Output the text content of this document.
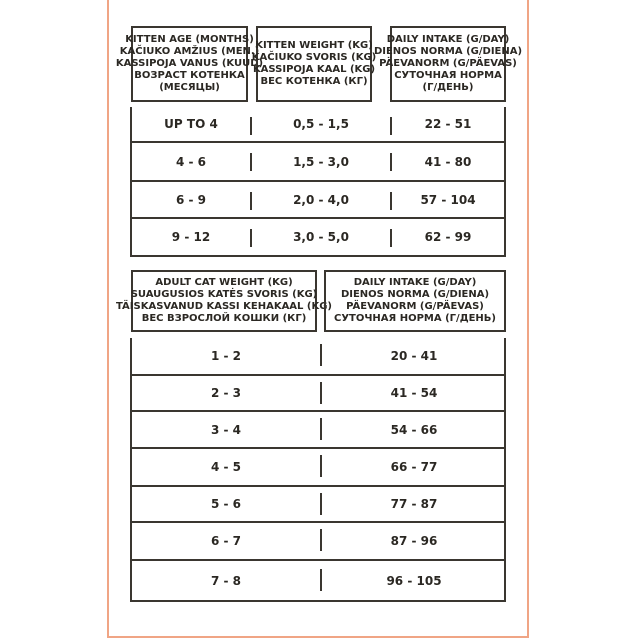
KITTEN AGE (MONTHS)
KAČIUKO AMŽIUS (MEN.)
KASSIPOJA VANUS (KUUD)
ВОЗРАСТ КОТЕНКА
(МЕСЯЦЫ)
KITTEN WEIGHT (KG)
KAČIUKO SVORIS (KG)
KASSIPOJA KAAL (KG)
ВЕС КОТЕНКА (КГ)
DAILY INTAKE (G/DAY)
DIENOS NORMA (G/DIENA)
PÄEVANORM (G/PÄEVAS)
СУТОЧНАЯ НОРМА
(Г/ДЕНЬ)
UP TO 4	0,5 - 1,5	22 - 51
4 - 6	1,5 - 3,0	41 - 80
6 - 9	2,0 - 4,0	57 - 104
9 - 12	3,0 - 5,0	62 - 99
ADULT CAT WEIGHT (KG)
SUAUGUSIOS KATĖS SVORIS (KG)
TÄISKASVANUD KASSI KEHAKAAL (KG)
ВЕС ВЗРОСЛОЙ КОШКИ (КГ)
DAILY INTAKE (G/DAY)
DIENOS NORMA (G/DIENA)
PÄEVANORM (G/PÄEVAS)
СУТОЧНАЯ НОРМА (Г/ДЕНЬ)
1 - 2	20 - 41
2 - 3	41 - 54
3 - 4	54 - 66
4 - 5	66 - 77
5 - 6	77 - 87
6 - 7	87 - 96
7 - 8	96 - 105
